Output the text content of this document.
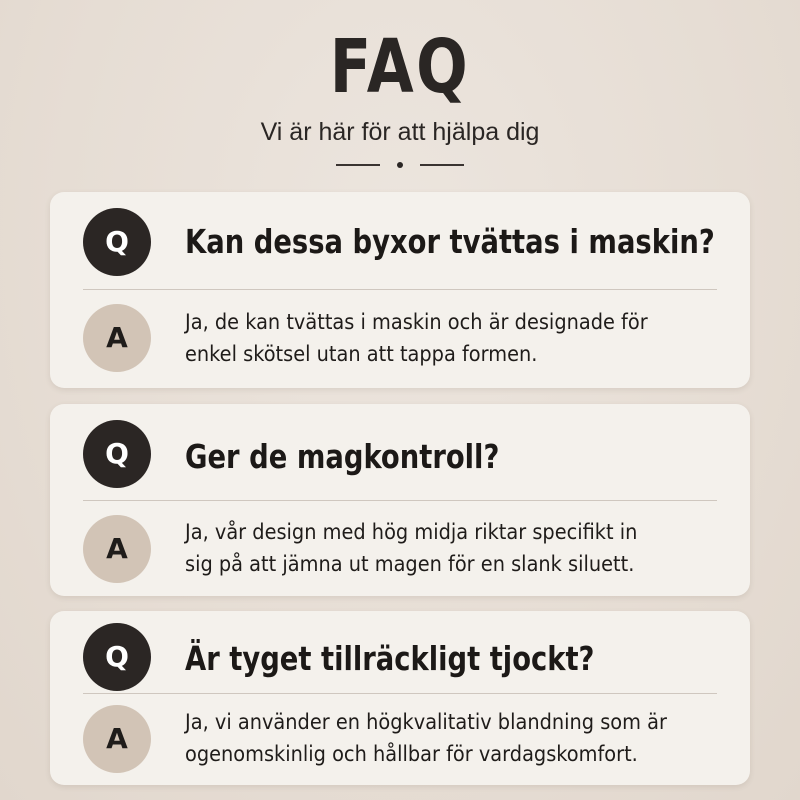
FAQ
Vi är här för att hjälpa dig
Q	Kan dessa byxor tvättas i maskin?
A	Ja, de kan tvättas i maskin och är designade för
enkel skötsel utan att tappa formen.
Q	Ger de magkontroll?
A	Ja, vår design med hög midja riktar specifikt in
sig på att jämna ut magen för en slank siluett.
Q	Är tyget tillräckligt tjockt?
A	Ja, vi använder en högkvalitativ blandning som är
ogenomskinlig och hållbar för vardagskomfort.
